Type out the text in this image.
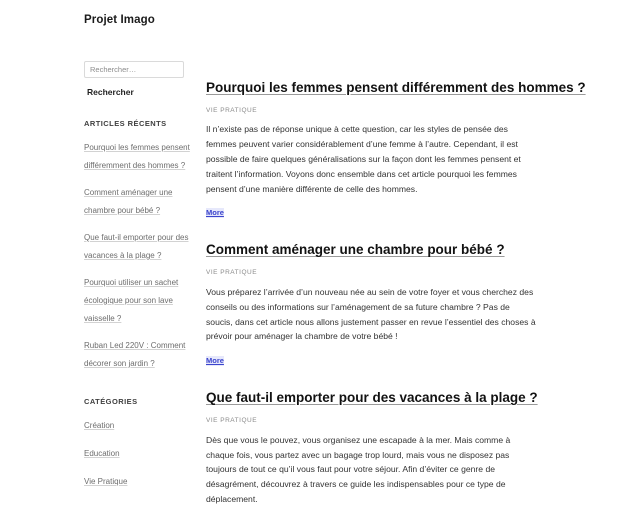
Projet Imago
Rechercher…
Rechercher
ARTICLES RÉCENTS
Pourquoi les femmes pensent différemment des hommes ?
Comment aménager une chambre pour bébé ?
Que faut-il emporter pour des vacances à la plage ?
Pourquoi utiliser un sachet écologique pour son lave vaisselle ?
Ruban Led 220V : Comment décorer son jardin ?
CATÉGORIES
Création
Education
Vie Pratique
Pourquoi les femmes pensent différemment des hommes ?
VIE PRATIQUE

Il n’existe pas de réponse unique à cette question, car les styles de pensée des femmes peuvent varier considérablement d’une femme à l’autre. Cependant, il est possible de faire quelques généralisations sur la façon dont les femmes pensent et traitent l’information. Voyons donc ensemble dans cet article pourquoi les femmes pensent d’une manière différente de celle des hommes.

More
Comment aménager une chambre pour bébé ?
VIE PRATIQUE

Vous préparez l’arrivée d’un nouveau née au sein de votre foyer et vous cherchez des conseils ou des informations sur l’aménagement de sa future chambre ? Pas de soucis, dans cet article nous allons justement passer en revue l’essentiel des choses à prévoir pour aménager la chambre de votre bébé !

More
Que faut-il emporter pour des vacances à la plage ?
VIE PRATIQUE

Dès que vous le pouvez, vous organisez une escapade à la mer. Mais comme à chaque fois, vous partez avec un bagage trop lourd, mais vous ne disposez pas toujours de tout ce qu’il vous faut pour votre séjour. Afin d’éviter ce genre de désagrément, découvrez à travers ce guide les indispensables pour ce type de déplacement.
